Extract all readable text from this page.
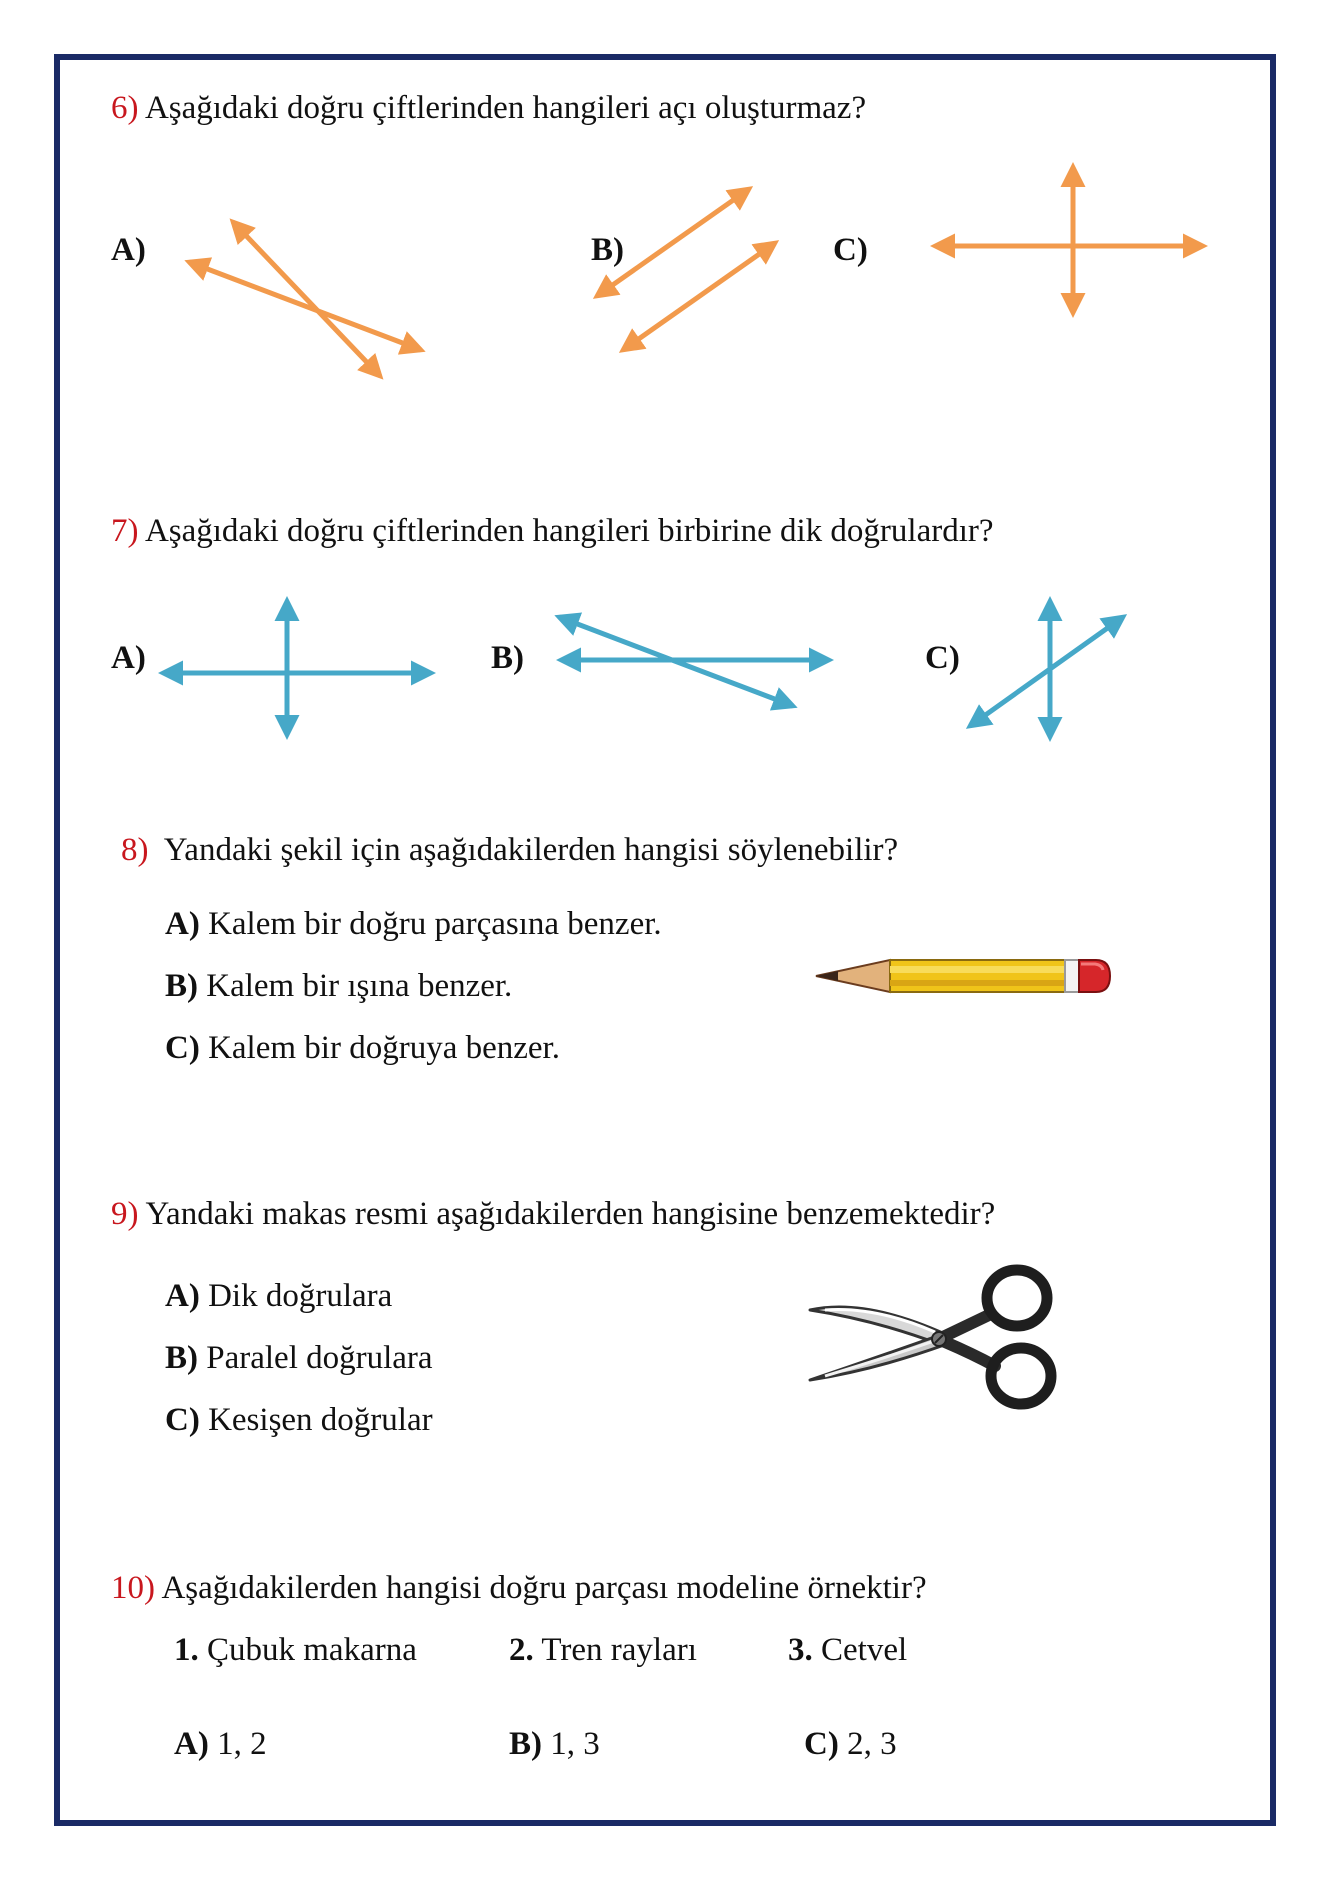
6) Aşağıdaki doğru çiftlerinden hangileri açı oluşturmaz?
A)	B)	C)
7) Aşağıdaki doğru çiftlerinden hangileri birbirine dik doğrulardır?
A)	B)	C)
8) Yandaki şekil için aşağıdakilerden hangisi söylenebilir?
A) Kalem bir doğru parçasına benzer.
B) Kalem bir ışına benzer.
C) Kalem bir doğruya benzer.
9) Yandaki makas resmi aşağıdakilerden hangisine benzemektedir?
A) Dik doğrulara
B) Paralel doğrulara
C) Kesişen doğrular
10) Aşağıdakilerden hangisi doğru parçası modeline örnektir?
1. Çubuk makarna	2. Tren rayları	3. Cetvel
A) 1, 2	B) 1, 3	C) 2, 3
